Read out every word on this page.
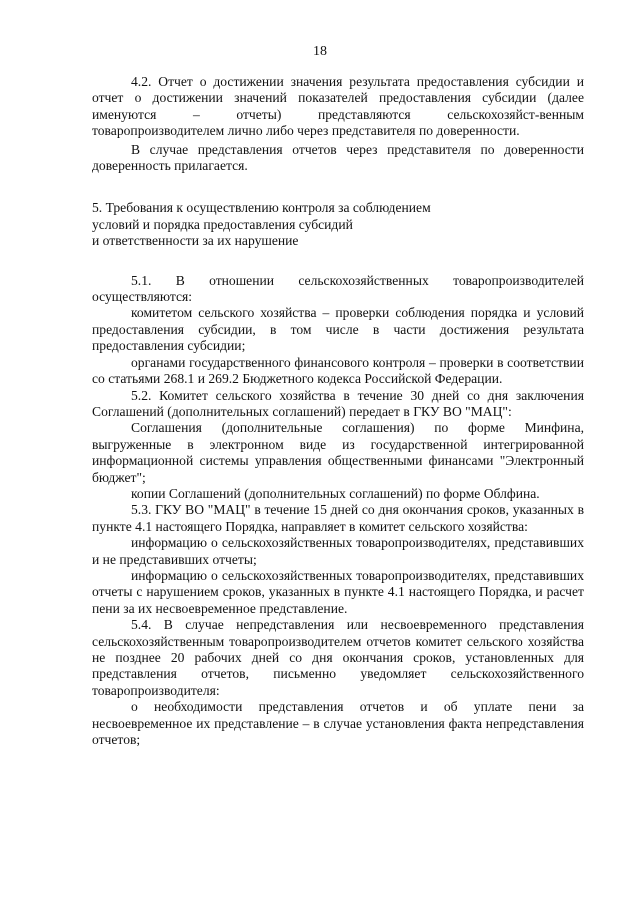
18

4.2. Отчет о достижении значения результата предоставления субсидии и отчет о достижении значений показателей предоставления субсидии (далее именуются – отчеты) представляются сельскохозяйст-венным товаропроизводителем лично либо через представителя по доверенности.

В случае представления отчетов через представителя по доверенности доверенность прилагается.

5. Требования к осуществлению контроля за соблюдением
условий и порядка предоставления субсидий
и ответственности за их нарушение

5.1. В отношении сельскохозяйственных товаропроизводителей осуществляются:

комитетом сельского хозяйства – проверки соблюдения порядка и условий предоставления субсидии, в том числе в части достижения результата предоставления субсидии;

органами государственного финансового контроля – проверки в соответствии со статьями 268.1 и 269.2 Бюджетного кодекса Российской Федерации.

5.2. Комитет сельского хозяйства в течение 30 дней со дня заключения Соглашений (дополнительных соглашений) передает в ГКУ ВО "МАЦ":

Соглашения (дополнительные соглашения) по форме Минфина, выгруженные в электронном виде из государственной интегрированной информационной системы управления общественными финансами "Электронный бюджет";

копии Соглашений (дополнительных соглашений) по форме Облфина.

5.3. ГКУ ВО "МАЦ" в течение 15 дней со дня окончания сроков, указанных в пункте 4.1 настоящего Порядка, направляет в комитет сельского хозяйства:

информацию о сельскохозяйственных товаропроизводителях, представивших и не представивших отчеты;

информацию о сельскохозяйственных товаропроизводителях, представивших отчеты с нарушением сроков, указанных в пункте 4.1 настоящего Порядка, и расчет пени за их несвоевременное представление.

5.4. В случае непредставления или несвоевременного представления сельскохозяйственным товаропроизводителем отчетов комитет сельского хозяйства не позднее 20 рабочих дней со дня окончания сроков, установленных для представления отчетов, письменно уведомляет сельскохозяйственного товаропроизводителя:

о необходимости представления отчетов и об уплате пени за несвоевременное их представление – в случае установления факта непредставления отчетов;
